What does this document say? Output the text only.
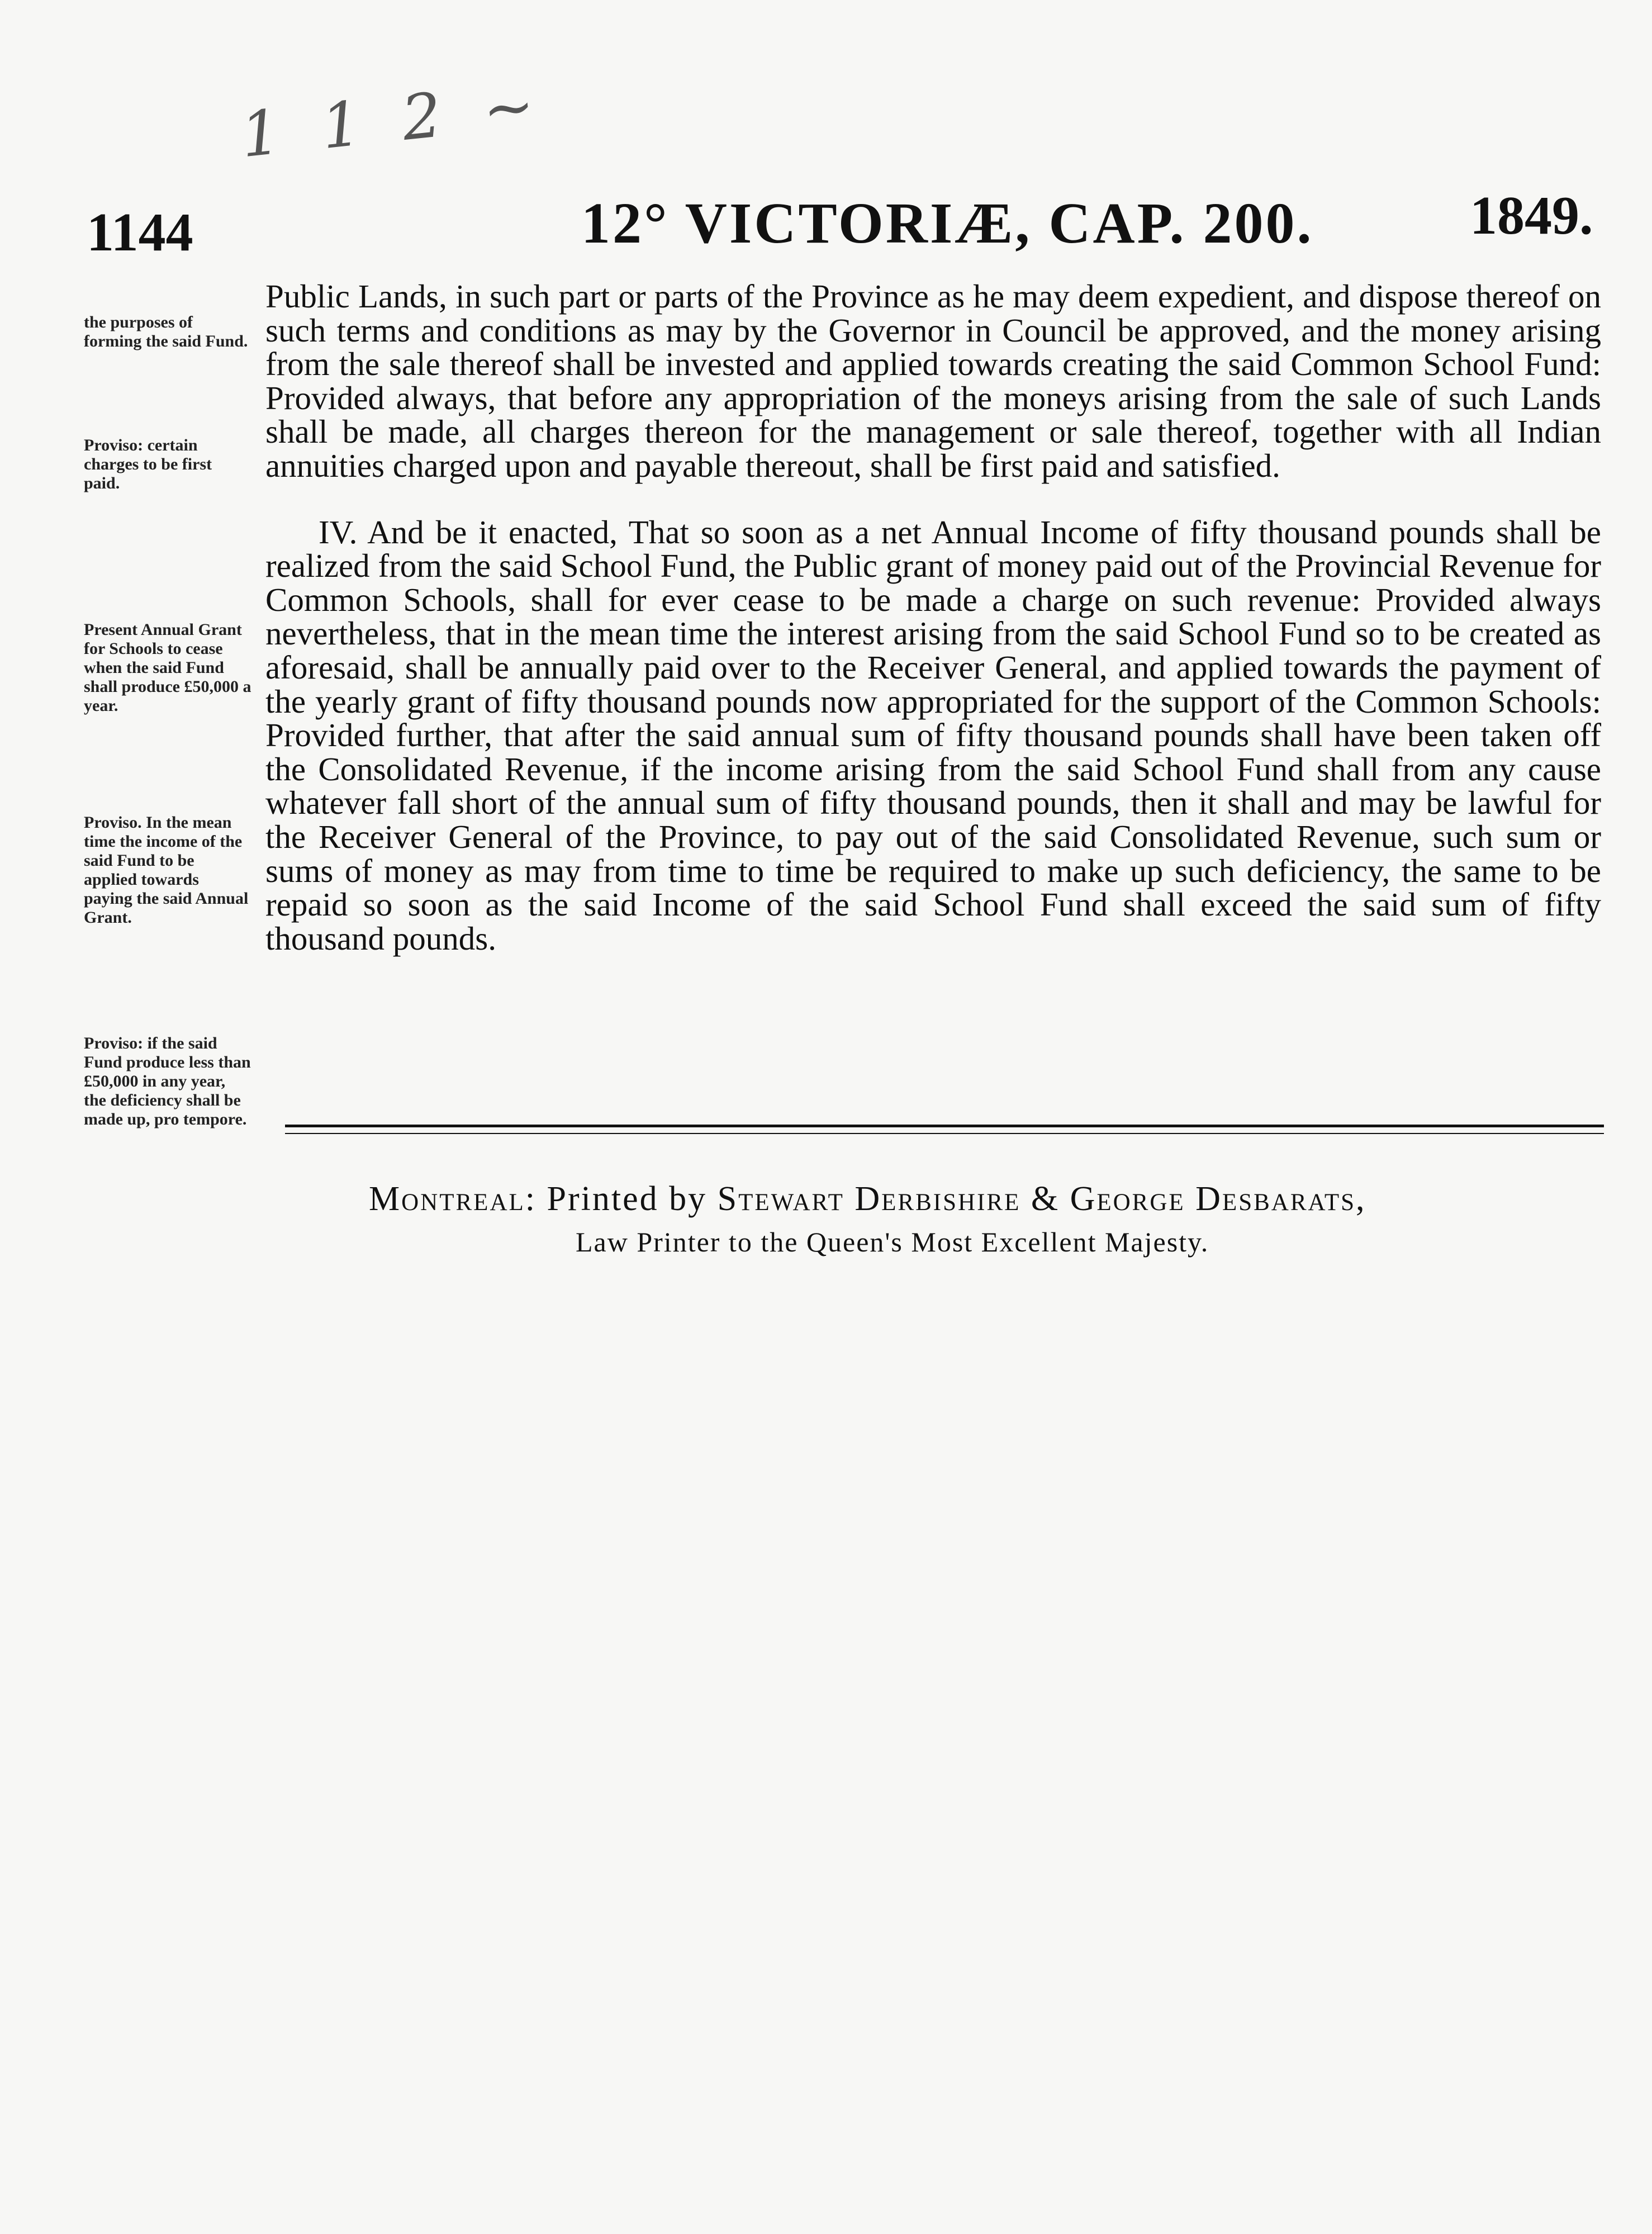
1 1 2 ~
1144	12° VICTORIÆ, CAP. 200.	1849.
the purposes of forming the said Fund.
Proviso: certain charges to be first paid.
Present Annual Grant for Schools to cease when the said Fund shall produce £50,000 a year.
Proviso. In the mean time the income of the said Fund to be applied towards paying the said Annual Grant.
Proviso: if the said Fund produce less than £50,000 in any year, the deficiency shall be made up, pro tempore.

Public Lands, in such part or parts of the Province as he may deem expedient, and dispose thereof on such terms and conditions as may by the Governor in Council be approved, and the money arising from the sale thereof shall be invested and applied towards creating the said Common School Fund: Provided always, that before any appropriation of the moneys arising from the sale of such Lands shall be made, all charges thereon for the management or sale thereof, together with all Indian annuities charged upon and payable thereout, shall be first paid and satisfied.

IV. And be it enacted, That so soon as a net Annual Income of fifty thousand pounds shall be realized from the said School Fund, the Public grant of money paid out of the Provincial Revenue for Common Schools, shall for ever cease to be made a charge on such revenue: Provided always nevertheless, that in the mean time the interest arising from the said School Fund so to be created as aforesaid, shall be annually paid over to the Receiver General, and applied towards the payment of the yearly grant of fifty thousand pounds now appropriated for the support of the Common Schools: Provided further, that after the said annual sum of fifty thousand pounds shall have been taken off the Consolidated Revenue, if the income arising from the said School Fund shall from any cause whatever fall short of the annual sum of fifty thousand pounds, then it shall and may be lawful for the Receiver General of the Province, to pay out of the said Consolidated Revenue, such sum or sums of money as may from time to time be required to make up such deficiency, the same to be repaid so soon as the said Income of the said School Fund shall exceed the said sum of fifty thousand pounds.

Montreal: Printed by Stewart Derbishire & George Desbarats,
Law Printer to the Queen's Most Excellent Majesty.
